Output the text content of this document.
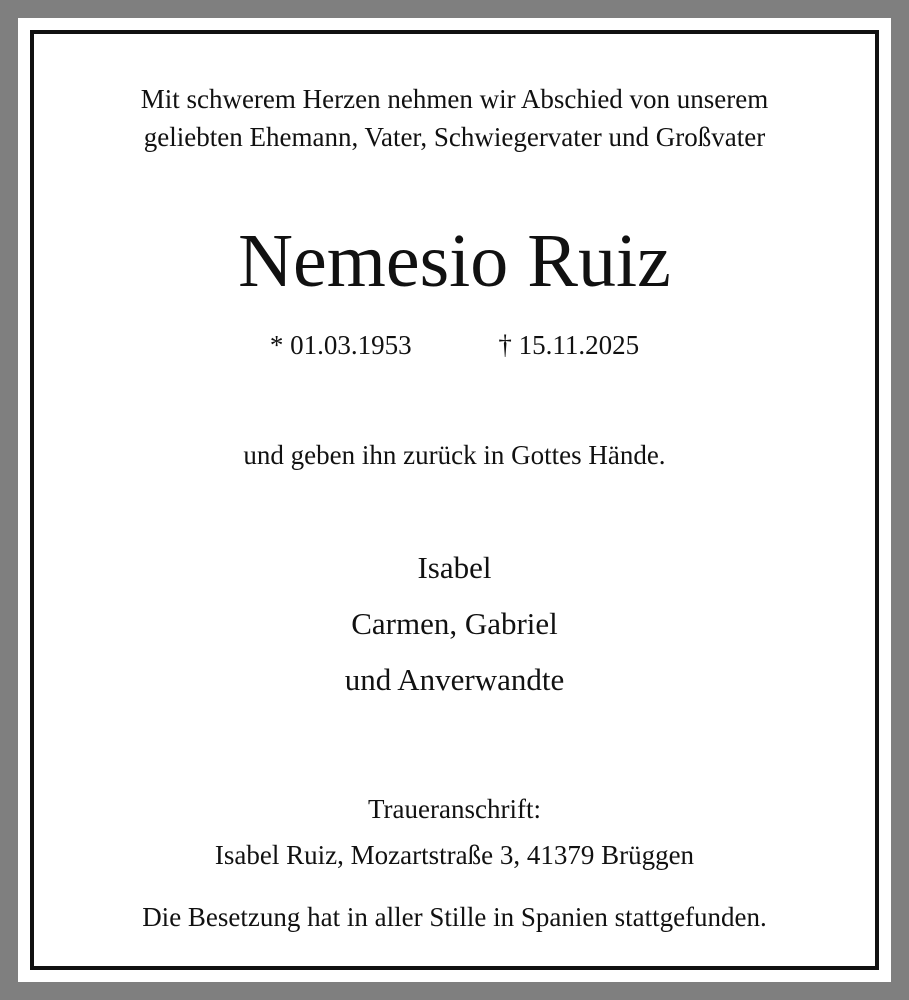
Mit schwerem Herzen nehmen wir Abschied von unserem
geliebten Ehemann, Vater, Schwiegervater und Großvater
Nemesio Ruiz
* 01.03.1953	† 15.11.2025
und geben ihn zurück in Gottes Hände.
Isabel
Carmen, Gabriel
und Anverwandte
Traueranschrift:
Isabel Ruiz, Mozartstraße 3, 41379 Brüggen
Die Besetzung hat in aller Stille in Spanien stattgefunden.
